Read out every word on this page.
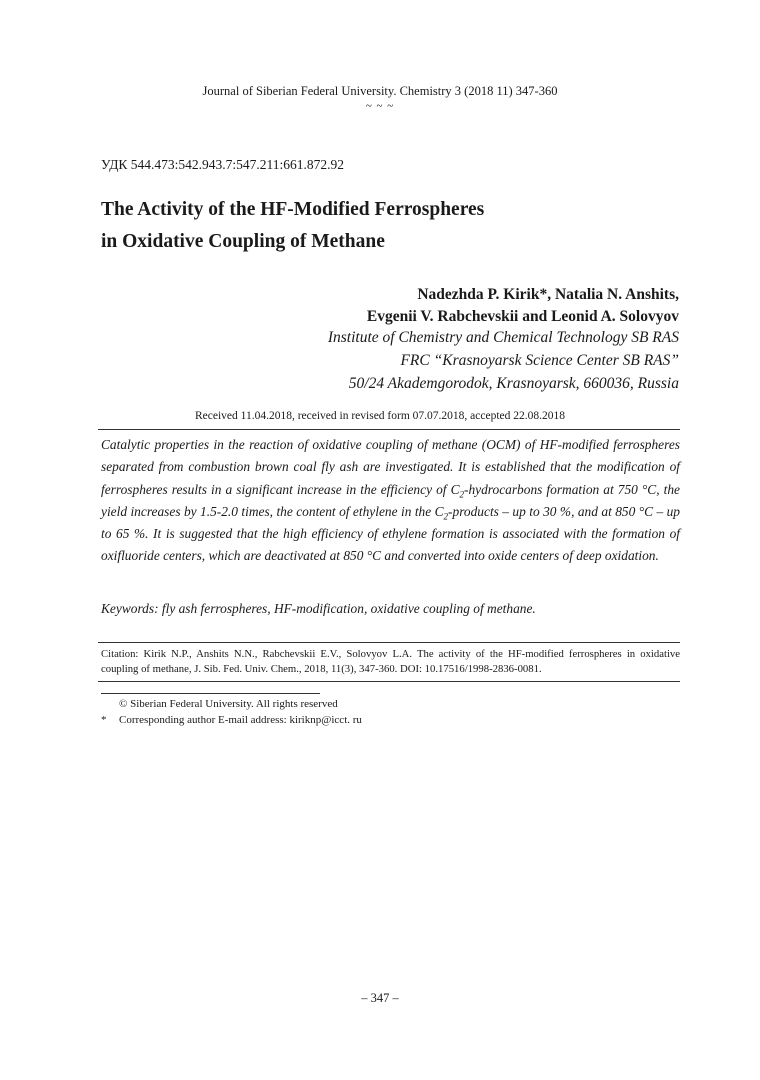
Journal of Siberian Federal University. Chemistry 3 (2018 11) 347-360
~ ~ ~
УДК 544.473:542.943.7:547.211:661.872.92
The Activity of the HF-Modified Ferrospheres
in Oxidative Coupling of Methane
Nadezhda P. Kirik*, Natalia N. Anshits,
Evgenii V. Rabchevskii and Leonid A. Solovyov
Institute of Chemistry and Chemical Technology SB RAS
FRC “Krasnoyarsk Science Center SB RAS”
50/24 Akademgorodok, Krasnoyarsk, 660036, Russia
Received 11.04.2018, received in revised form 07.07.2018, accepted 22.08.2018
Catalytic properties in the reaction of oxidative coupling of methane (OCM) of HF-modified ferrospheres separated from combustion brown coal fly ash are investigated. It is established that the modification of ferrospheres results in a significant increase in the efficiency of $C_2$-hydrocarbons formation at 750 °C, the yield increases by 1.5-2.0 times, the content of ethylene in the $C_2$-products – up to 30 %, and at 850 °C – up to 65 %. It is suggested that the high efficiency of ethylene formation is associated with the formation of oxifluoride centers, which are deactivated at 850 °C and converted into oxide centers of deep oxidation.
Keywords: fly ash ferrospheres, HF-modification, oxidative coupling of methane.
Citation: Kirik N.P., Anshits N.N., Rabchevskii E.V., Solovyov L.A. The activity of the HF-modified ferrospheres in oxidative coupling of methane, J. Sib. Fed. Univ. Chem., 2018, 11(3), 347-360. DOI: 10.17516/1998-2836-0081.
© Siberian Federal University. All rights reserved
* Corresponding author E-mail address: kiriknp@icct. ru
– 347 –
